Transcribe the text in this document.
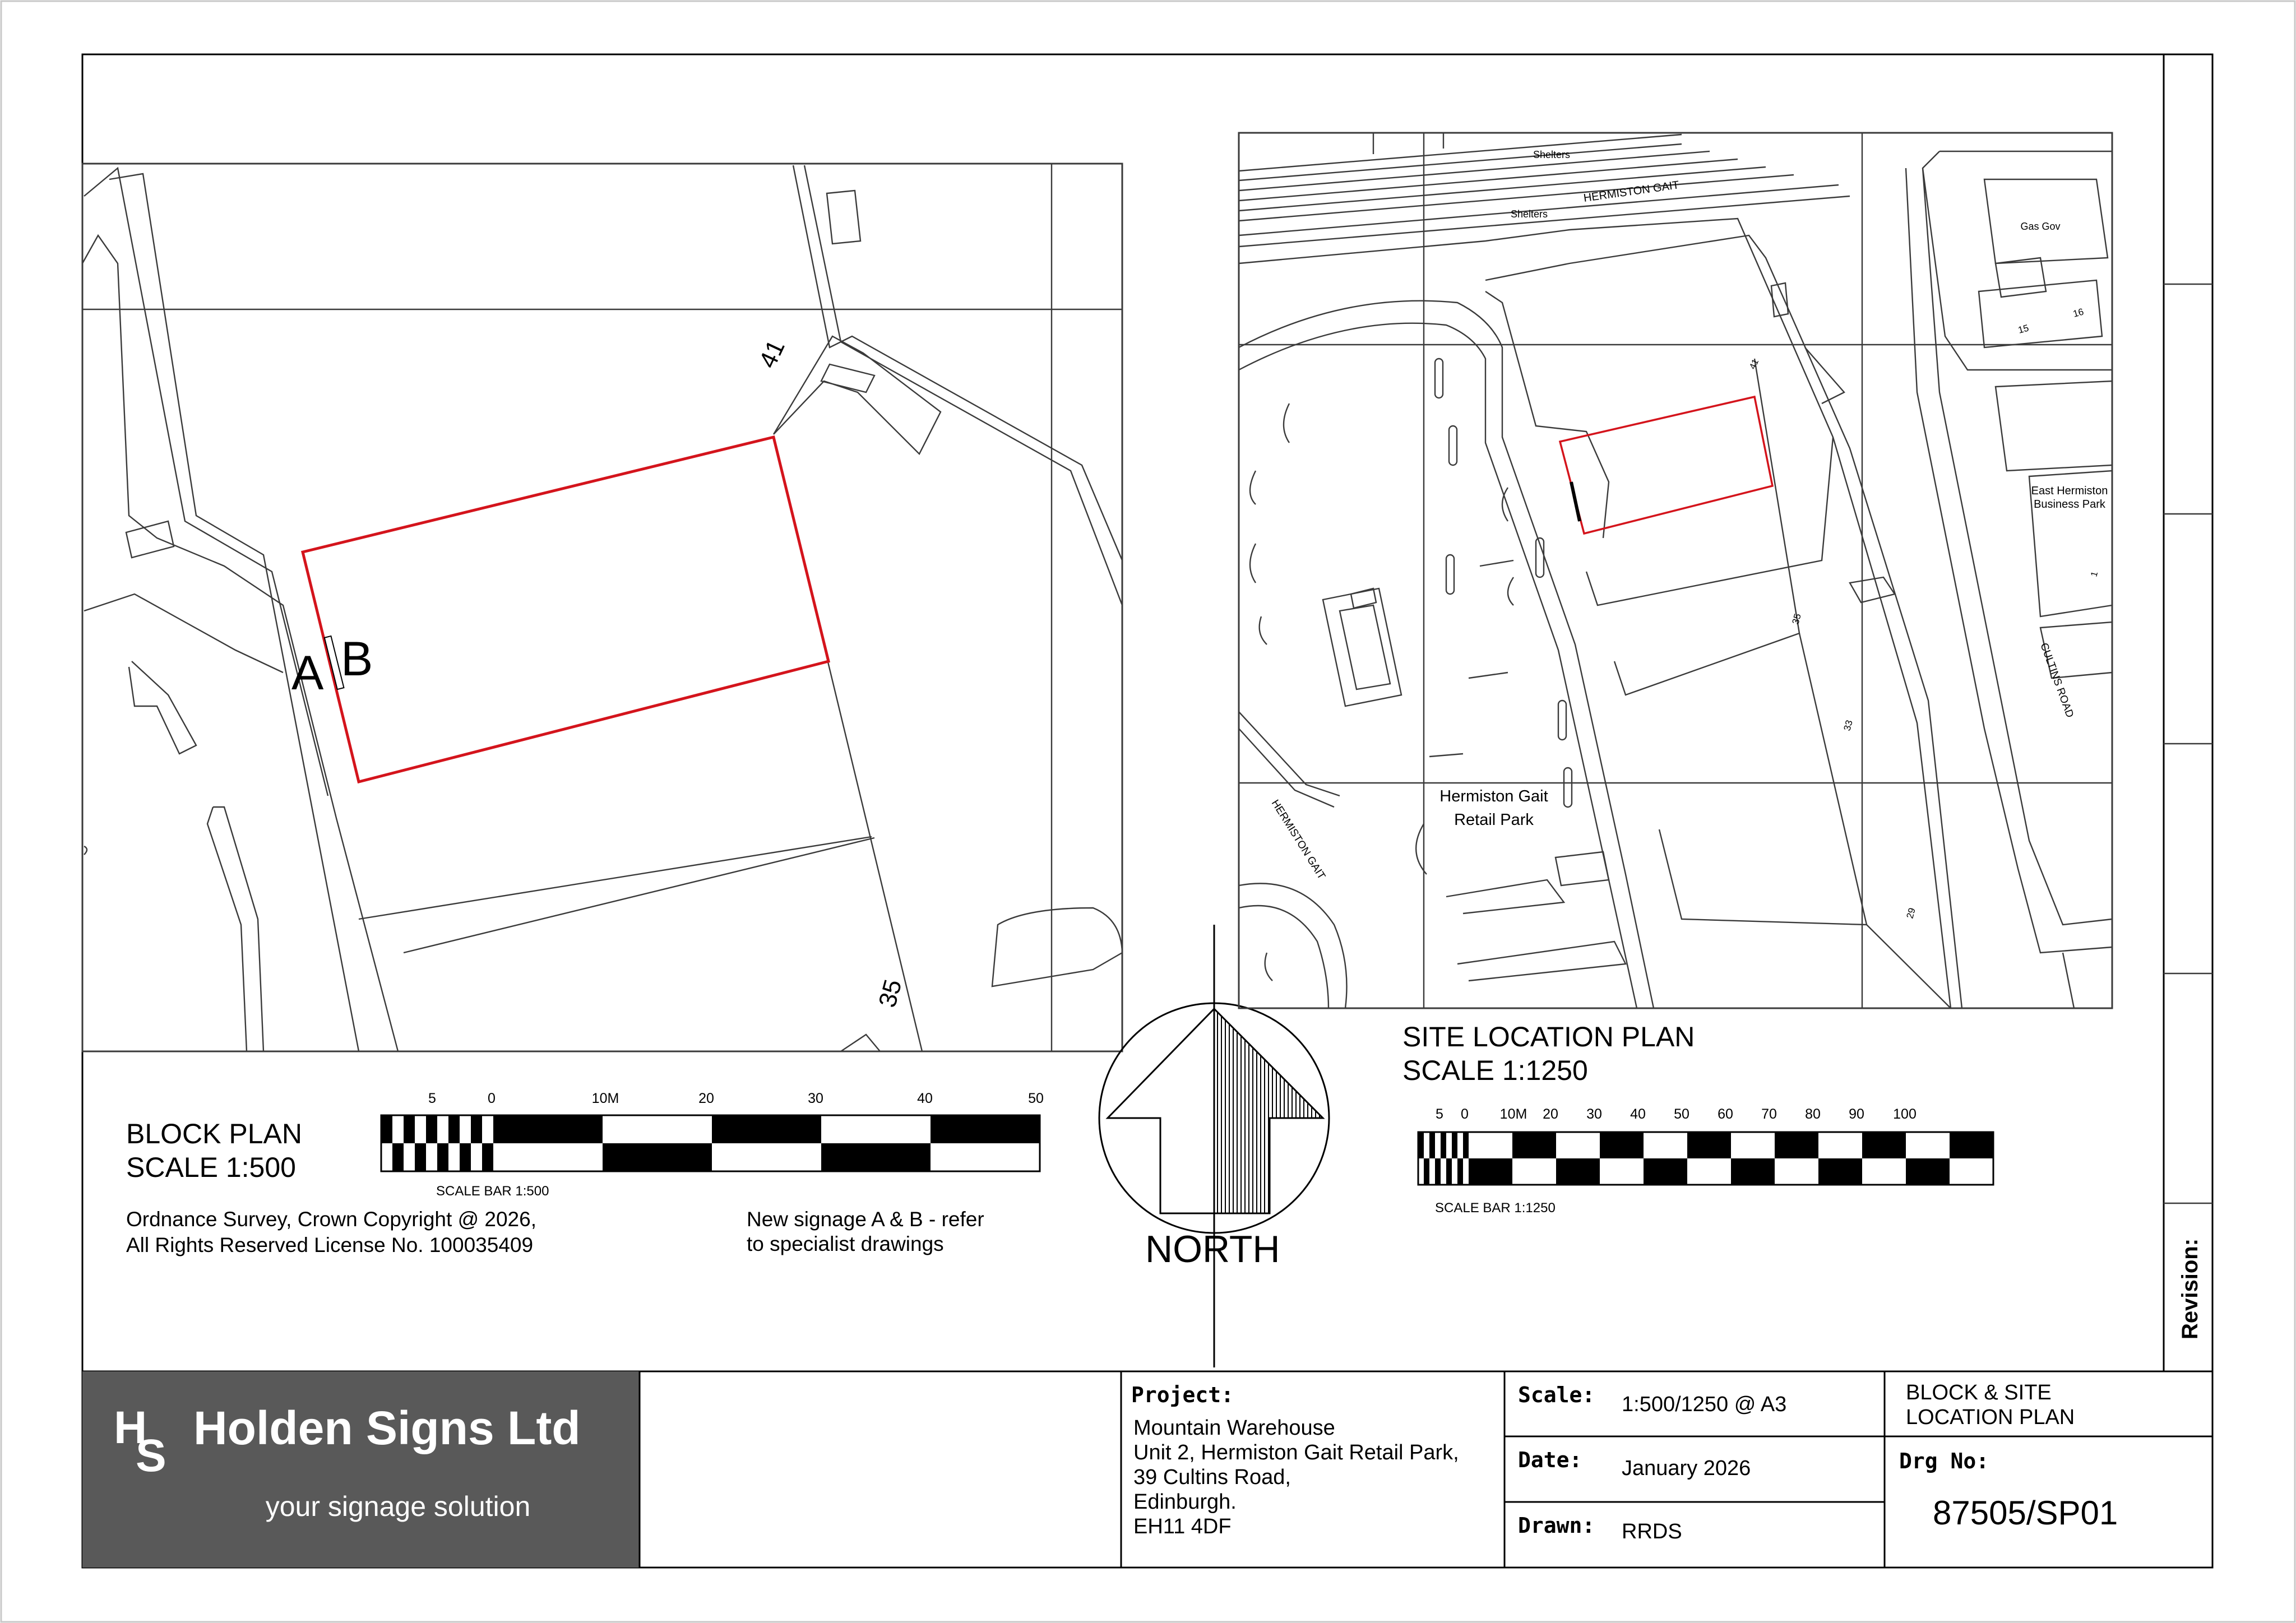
Revision:
A B
41
35
BLOCK PLAN
SCALE 1:500
5	0	10M	20	30	40	50
SCALE BAR 1:500
Ordnance Survey, Crown Copyright @ 2026,
All Rights Reserved License No. 100035409
New signage A & B - refer
to specialist drawings	NORTH
Shelters
Shelters
HERMISTON GAIT
Gas Gov
15
16
41
East Hermiston
Business Park
1
35
CULTINS ROAD
33
Hermiston Gait
Retail Park
HERMISTON GAIT
29
SITE LOCATION PLAN
SCALE 1:1250
5 0 10M 20 30 40 50 60 70 80 90 100
SCALE BAR 1:1250
H
S
Holden Signs Ltd
your signage solution
Project:
Mountain Warehouse
Unit 2, Hermiston Gait Retail Park,
39 Cultins Road,
Edinburgh.
EH11 4DF
Scale: 1:500/1250 @ A3
Date: January 2026
Drawn: RRDS
BLOCK & SITE
LOCATION PLAN
Drg No:
87505/SP01
